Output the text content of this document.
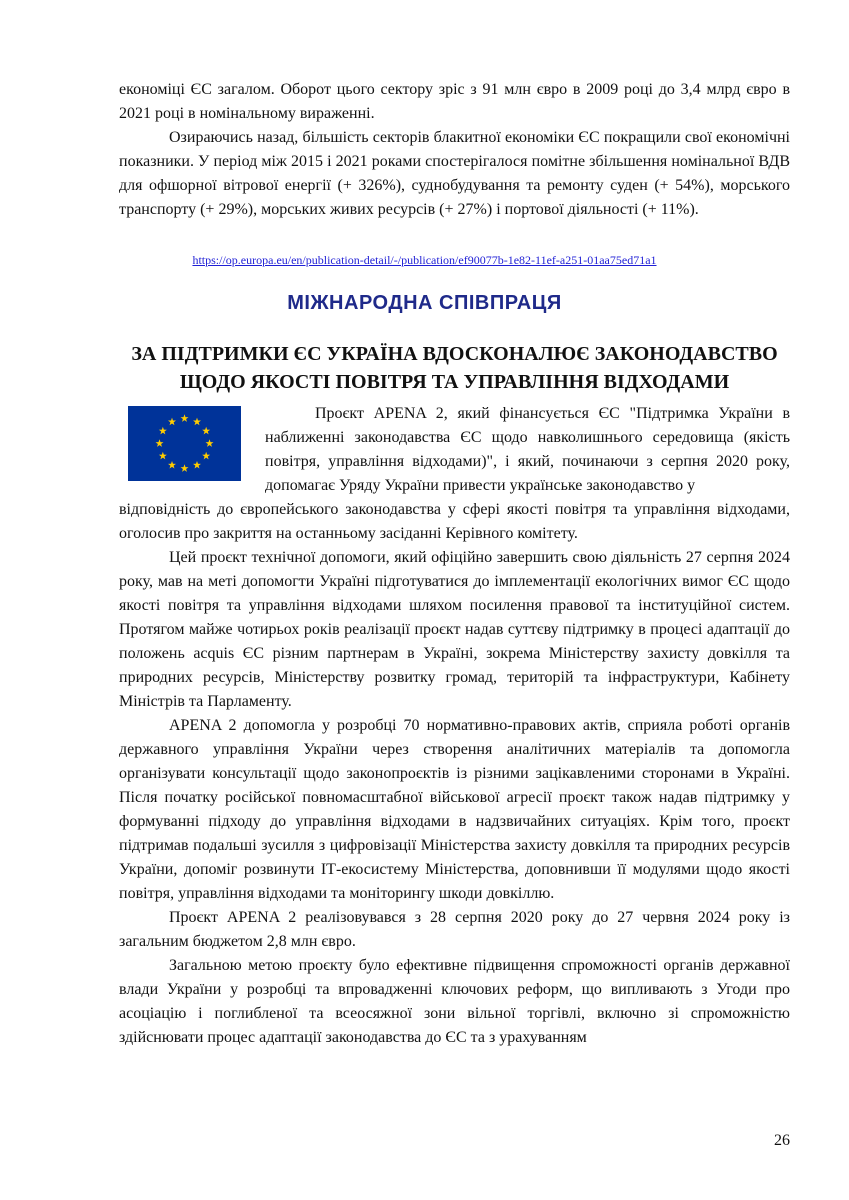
економіці ЄС загалом. Оборот цього сектору зріс з 91 млн євро в 2009 році до 3,4 млрд євро в 2021 році в номінальному вираженні.

Озираючись назад, більшість секторів блакитної економіки ЄС покращили свої економічні показники. У період між 2015 і 2021 роками спостерігалося помітне збільшення номінальної ВДВ для офшорної вітрової енергії (+ 326%), суднобудування та ремонту суден (+ 54%), морського транспорту (+ 29%), морських живих ресурсів (+ 27%) і портової діяльності (+ 11%).

https://op.europa.eu/en/publication-detail/-/publication/ef90077b-1e82-11ef-a251-01aa75ed71a1
МІЖНАРОДНА СПІВПРАЦЯ
ЗА ПІДТРИМКИ ЄС УКРАЇНА ВДОСКОНАЛЮЄ ЗАКОНОДАВСТВО ЩОДО ЯКОСТІ ПОВІТРЯ ТА УПРАВЛІННЯ ВІДХОДАМИ

Проєкт APENA 2, який фінансується ЄС "Підтримка України в наближенні законодавства ЄС щодо навколишнього середовища (якість повітря, управління відходами)", і який, починаючи з серпня 2020 року, допомагає Уряду України привести українське законодавство у

відповідність до європейського законодавства у сфері якості повітря та управління відходами, оголосив про закриття на останньому засіданні Керівного комітету.

Цей проєкт технічної допомоги, який офіційно завершить свою діяльність 27 серпня 2024 року, мав на меті допомогти Україні підготуватися до імплементації екологічних вимог ЄС щодо якості повітря та управління відходами шляхом посилення правової та інституційної систем. Протягом майже чотирьох років реалізації проєкт надав суттєву підтримку в процесі адаптації до положень acquis ЄС різним партнерам в Україні, зокрема Міністерству захисту довкілля та природних ресурсів, Міністерству розвитку громад, територій та інфраструктури, Кабінету Міністрів та Парламенту.

APENA 2 допомогла у розробці 70 нормативно-правових актів, сприяла роботі органів державного управління України через створення аналітичних матеріалів та допомогла організувати консультації щодо законопроєктів із різними зацікавленими сторонами в Україні. Після початку російської повномасштабної військової агресії проєкт також надав підтримку у формуванні підходу до управління відходами в надзвичайних ситуаціях. Крім того, проєкт підтримав подальші зусилля з цифровізації Міністерства захисту довкілля та природних ресурсів України, допоміг розвинути ІТ-екосистему Міністерства, доповнивши її модулями щодо якості повітря, управління відходами та моніторингу шкоди довкіллю.

Проєкт APENA 2 реалізовувався з 28 серпня 2020 року до 27 червня 2024 року із загальним бюджетом 2,8 млн євро.

Загальною метою проєкту було ефективне підвищення спроможності органів державної влади України у розробці та впровадженні ключових реформ, що випливають з Угоди про асоціацію і поглибленої та всеосяжної зони вільної торгівлі, включно зі спроможністю здійснювати процес адаптації законодавства до ЄС та з урахуванням

26
